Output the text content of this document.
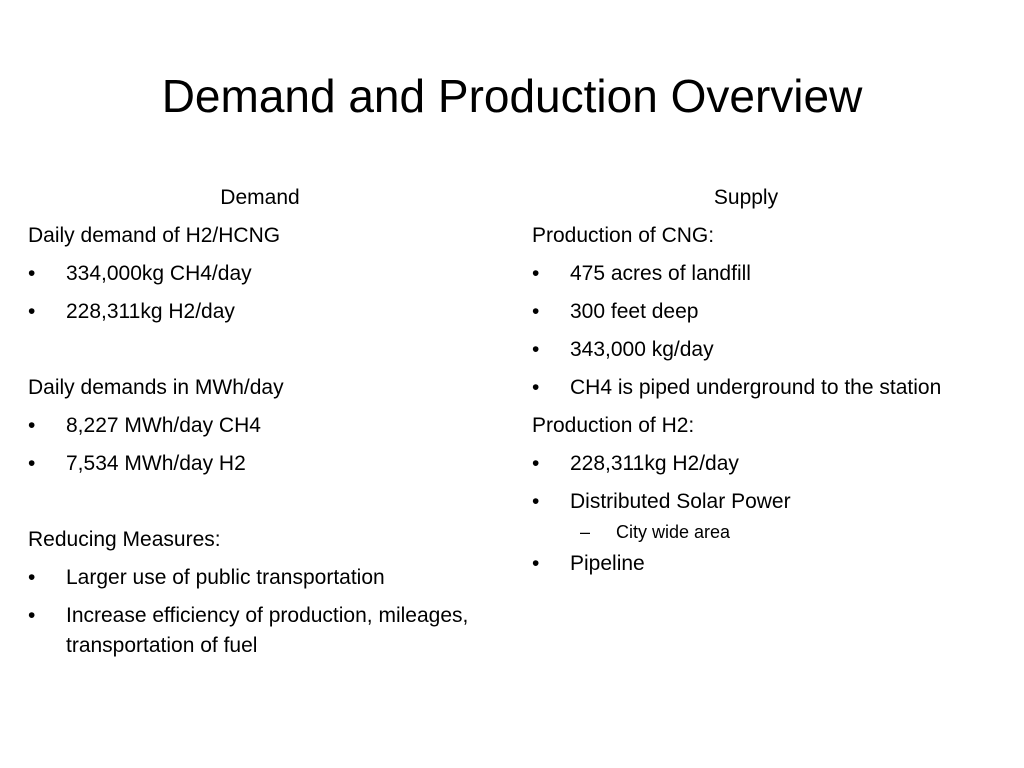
Demand and Production Overview
Demand
Daily demand of H2/HCNG
•	334,000kg CH4/day
•	228,311kg H2/day
Daily demands in MWh/day
•	8,227 MWh/day CH4
•	7,534 MWh/day H2
Reducing Measures:
•	Larger use of public transportation
•	Increase efficiency of production, mileages, transportation of fuel
Supply
Production of CNG:
•	475 acres of landfill
•	300 feet deep
•	343,000 kg/day
•	CH4 is piped underground to the station
Production of H2:
•	228,311kg H2/day
•	Distributed Solar Power
–	City wide area
•	Pipeline
